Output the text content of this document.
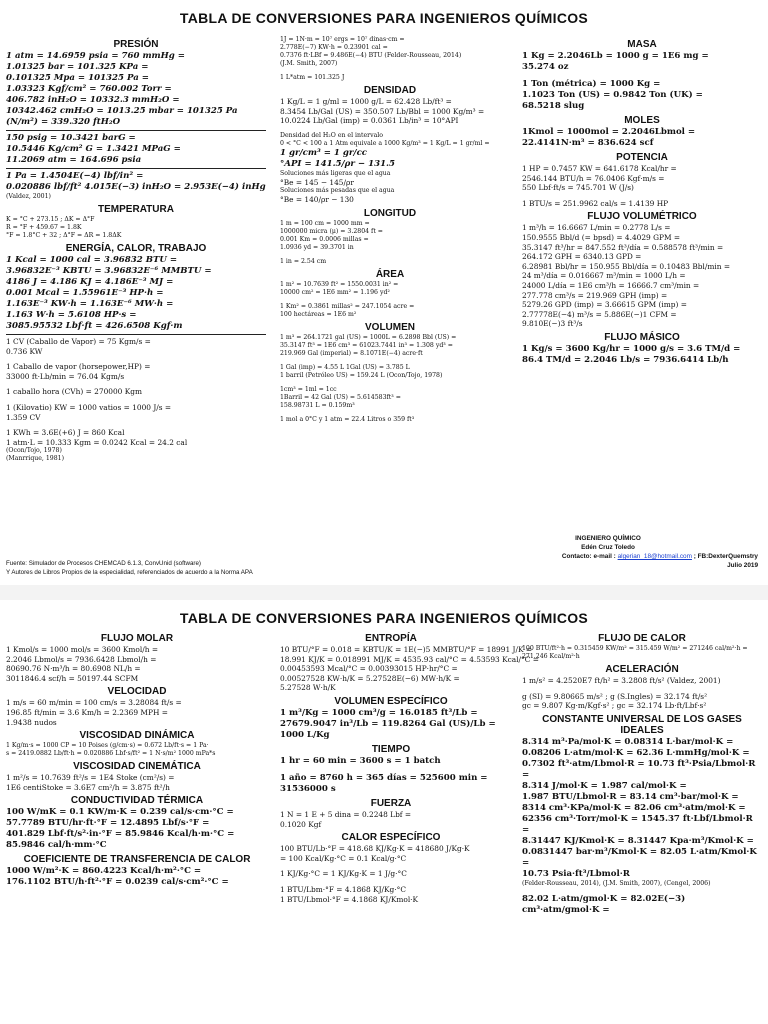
TABLA DE CONVERSIONES PARA INGENIEROS QUÍMICOS
PRESIÓN
1 atm = 14.6959 psia = 760 mmHg =
1.01325 bar = 101.325 KPa =
0.101325 Mpa = 101325 Pa =
1.03323 Kgf/cm² = 760.002 Torr =
406.782 inH₂O = 10332.3 mmH₂O =
10342.462 cmH₂O = 1013.25 mbar = 101325 Pa (N/m²) = 339.320 ftH₂O
150 psig = 10.3421 barG =
10.5446 Kg/cm² G = 1.3421 MPaG =
11.2069 atm = 164.696 psia
1 Pa = 1.4504E(−4) lbf/in² =
0.020886 lbf/ft² 4.015E(−3) inH₂O = 2.953E(−4) inHg
(Valdez, 2001)
TEMPERATURA
K = °C + 273.15 ; ΔK = Δ°F
R = °F + 459.67 = 1.8K
°F = 1.8°C + 32 ; Δ°F = ΔR = 1.8ΔK
ENERGÍA, CALOR, TRABAJO
1 Kcal = 1000 cal = 3.96832 BTU =
3.96832E⁻³ KBTU = 3.96832E⁻⁶ MMBTU =
4186 J = 4.186 KJ = 4.186E⁻³ MJ =
0.001 Mcal = 1.55961E⁻³ HP·h =
1.163E⁻³ KW·h = 1.163E⁻⁶ MW·h =
1.163 W·h = 5.6108 HP·s =
3085.95532 Lbf·ft = 426.6508 Kgf·m
1 CV (Caballo de Vapor) = 75 Kgm/s =
0.736 KW
1 Caballo de vapor (horsepower,HP) =
33000 ft·Lb/min = 76.04 Kgm/s
1 caballo hora (CVh) = 270000 Kgm
1 (Kilovatio) KW = 1000 vatios = 1000 J/s =
1.359 CV
1 KWh = 3.6E(+6) J = 860 Kcal
1 atm·L = 10.333 Kgm = 0.0242 Kcal = 24.2 cal
(Ocon/Tojo, 1978)
(Manrrique, 1981)
1J = 1N·m = 10⁷ ergs = 10⁷ dinas·cm =
2.778E(−7) KW·h = 0.23901 cal =
0.7376 ft·LBf = 9.486E(−4) BTU (Felder-Rousseau, 2014)
(J.M. Smith, 2007)
1 L*atm = 101.325 J
DENSIDAD
1 Kg/L = 1 g/ml = 1000 g/L = 62.428 Lb/ft³ =
8.3454 Lb/Gal (US) = 350.507 Lb/Bbl = 1000 Kg/m³ =
10.0224 Lb/Gal (imp) = 0.0361 Lb/in³ = 10°API
Densidad del H₂O en el intervalo
0 < °C < 100 a 1 Atm equivale a 1000 Kg/m³ = 1 Kg/L = 1 gr/ml =
1 gr/cm³ = 1 gr/cc
°API = 141.5/ρr − 131.5
Soluciones más ligeras que el agua
°Be = 145 − 145/ρr
Soluciones más pesadas que el agua
°Be = 140/ρr − 130
LONGITUD
1 m = 100 cm = 1000 mm =
1000000 micra (μ) = 3.2804 ft =
0.001 Km = 0.0006 millas =
1.0936 yd = 39.3701 in
1 in = 2.54 cm
ÁREA
1 m² = 10.7639 ft² = 1550.0031 in² =
10000 cm² = 1E6 mm² = 1.196 yd²
1 Km² = 0.3861 millas² = 247.1054 acre =
100 hectáreas = 1E6 m²
VOLUMEN
1 m³ = 264.1721 gal (US) = 1000L = 6.2898 Bbl (US) =
35.3147 ft³ = 1E6 cm³ = 61023.7441 in³ = 1.308 yd³ =
219.969 Gal (imperial) = 8.1071E(−4) acre·ft
1 Gal (imp) = 4.55 L 1Gal (US) = 3.785 L
1 barril (Petróleo US) = 159.24 L (Ocon/Tojo, 1978)
1cm³ = 1ml = 1cc
1Barril = 42 Gal (US) = 5.614583ft³ =
158.98731 L = 0.159m³
1 mol a 0°C y 1 atm = 22.4 Litros o 359 ft³
MASA
1 Kg = 2.2046Lb = 1000 g = 1E6 mg =
35.274 oz
1 Ton (métrica) = 1000 Kg =
1.1023 Ton (US) = 0.9842 Ton (UK) =
68.5218 slug
MOLES
1Kmol = 1000mol = 2.2046Lbmol =
22.4141N·m³ = 836.624 scf
POTENCIA
1 HP = 0.7457 KW = 641.6178 Kcal/hr =
2546.144 BTU/h = 76.0406 Kgf·m/s =
550 Lbf·ft/s = 745.701 W (J/s)
1 BTU/s = 251.9962 cal/s = 1.4139 HP
FLUJO VOLUMÉTRICO
1 m³/h = 16.6667 L/min = 0.2778 L/s =
150.9555 Bbl/d (= bpsd) = 4.4029 GPM =
35.3147 ft³/hr = 847.552 ft³/día = 0.588578 ft³/min =
264.172 GPH = 6340.13 GPD =
6.28981 Bbl/hr = 150.955 Bbl/día = 0.10483 Bbl/min =
24 m³/día = 0.016667 m³/min = 1000 L/h =
24000 L/día = 1E6 cm³/h = 16666.7 cm³/min =
277.778 cm³/s = 219.969 GPH (imp) =
5279.26 GPD (imp) = 3.66615 GPM (imp) =
2.77778E(−4) m³/s = 5.886E(−)1 CFM =
9.810E(−)3 ft³/s
FLUJO MÁSICO
1 Kg/s = 3600 Kg/hr = 1000 g/s = 3.6 TM/d =
86.4 TM/d = 2.2046 Lb/s = 7936.6414 Lb/h
Fuente: Simulador de Procesos CHEMCAD 6.1.3, ConvUnid (software)
Y Autores de Libros Propios de la especialidad, referenciados de acuerdo a la Norma APA
INGENIERO QUÍMICO
Edén Cruz Toledo
Contacto: e-mail : algerian_18@hotmail.com ; FB:DexterQuemstry
Julio 2019
TABLA DE CONVERSIONES PARA INGENIEROS QUÍMICOS
FLUJO MOLAR
1 Kmol/s = 1000 mol/s = 3600 Kmol/h =
2.2046 Lbmol/s = 7936.6428 Lbmol/h =
80690.76 N·m³/h = 80.6908 NL/h =
3011846.4 scf/h = 50197.44 SCFM
VELOCIDAD
1 m/s = 60 m/min = 100 cm/s = 3.28084 ft/s =
196.85 ft/min = 3.6 Km/h = 2.2369 MPH =
1.9438 nudos
VISCOSIDAD DINÁMICA
1 Kg/m·s = 1000 CP = 10 Poises (g/cm·s) = 0.672 Lb/ft·s = 1 Pa·
s = 2419.0882 Lb/ft·h = 0.020886 Lbf·s/ft² = 1 N·s/m² 1000 mPa*s
VISCOSIDAD CINEMÁTICA
1 m²/s = 10.7639 ft²/s = 1E4 Stoke (cm²/s) =
1E6 centiStoke = 3.6E7 cm²/h = 3.875 ft²/h
CONDUCTIVIDAD TÉRMICA
100 W/mK = 0.1 KW/m·K = 0.239 cal/s·cm·°C =
57.7789 BTU/hr·ft·°F = 12.4895 Lbf/s·°F =
401.829 Lbf·ft/s²·in·°F = 85.9846 Kcal/h·m·°C =
85.9846 cal/h·mm·°C
COEFICIENTE DE TRANSFERENCIA DE CALOR
1000 W/m²·K = 860.4223 Kcal/h·m²·°C =
176.1102 BTU/h·ft²·°F = 0.0239 cal/s·cm²·°C =
ENTROPÍA
10 BTU/°F = 0.018 = KBTU/K = 1E(−)5 MMBTU/°F = 18991 J/K =
18.991 KJ/K = 0.018991 MJ/K = 4535.93 cal/°C = 4.53593 Kcal/°C =
0.00453593 Mcal/°C = 0.00393015 HP·hr/°C =
0.00527528 KW·h/K = 5.27528E(−6) MW·h/K =
5.27528 W·h/K
VOLUMEN ESPECÍFICO
1 m³/Kg = 1000 cm³/g = 16.0185 ft³/Lb =
27679.9047 in³/Lb = 119.8264 Gal (US)/Lb =
1000 L/Kg
TIEMPO
1 hr = 60 min = 3600 s = 1 batch
1 año = 8760 h = 365 días = 525600 min =
31536000 s
FUERZA
1 N = 1 E + 5 dina = 0.2248 Lbf =
0.1020 Kgf
CALOR ESPECÍFICO
100 BTU/Lb·°F = 418.68 KJ/Kg·K = 418680 J/Kg·K
= 100 Kcal/Kg·°C = 0.1 Kcal/g·°C
1 KJ/Kg·°C = 1 KJ/Kg·K = 1 J/g·°C
1 BTU/Lbm·°F = 4.1868 KJ/Kg·°C
1 BTU/Lbmol·°F = 4.1868 KJ/Kmol·K
FLUJO DE CALOR
100 BTU/ft²·h = 0.315459 KW/m² = 315.459 W/m² = 271246 cal/m²·h =
271.246 Kcal/m²·h
ACELERACIÓN
1 m/s² = 4.2520E7 ft/h² = 3.2808 ft/s² (Valdez, 2001)
g (SI) = 9.80665 m/s² ; g (S.Ingles) = 32.174 ft/s²
gc = 9.807 Kg·m/Kgf·s² ; gc = 32.174 Lb·ft/Lbf·s²
CONSTANTE UNIVERSAL DE LOS GASES IDEALES
8.314 m³·Pa/mol·K = 0.08314 L·bar/mol·K =
0.08206 L·atm/mol·K = 62.36 L·mmHg/mol·K =
0.7302 ft³·atm/Lbmol·R = 10.73 ft³·Psia/Lbmol·R =
8.314 J/mol·K = 1.987 cal/mol·K =
1.987 BTU/Lbmol·R = 83.14 cm³·bar/mol·K =
8314 cm³·KPa/mol·K = 82.06 cm³·atm/mol·K =
62356 cm³·Torr/mol·K = 1545.37 ft·Lbf/Lbmol·R =
8.31447 KJ/Kmol·K = 8.31447 Kpa·m³/Kmol·K =
0.0831447 bar·m³/Kmol·K = 82.05 L·atm/Kmol·K =
10.73 Psia·ft³/Lbmol·R
(Felder-Rousseau, 2014), (J.M. Smith, 2007), (Cengel, 2006)
82.02 L·atm/gmol·K = 82.02E(−3) cm³·atm/gmol·K =
